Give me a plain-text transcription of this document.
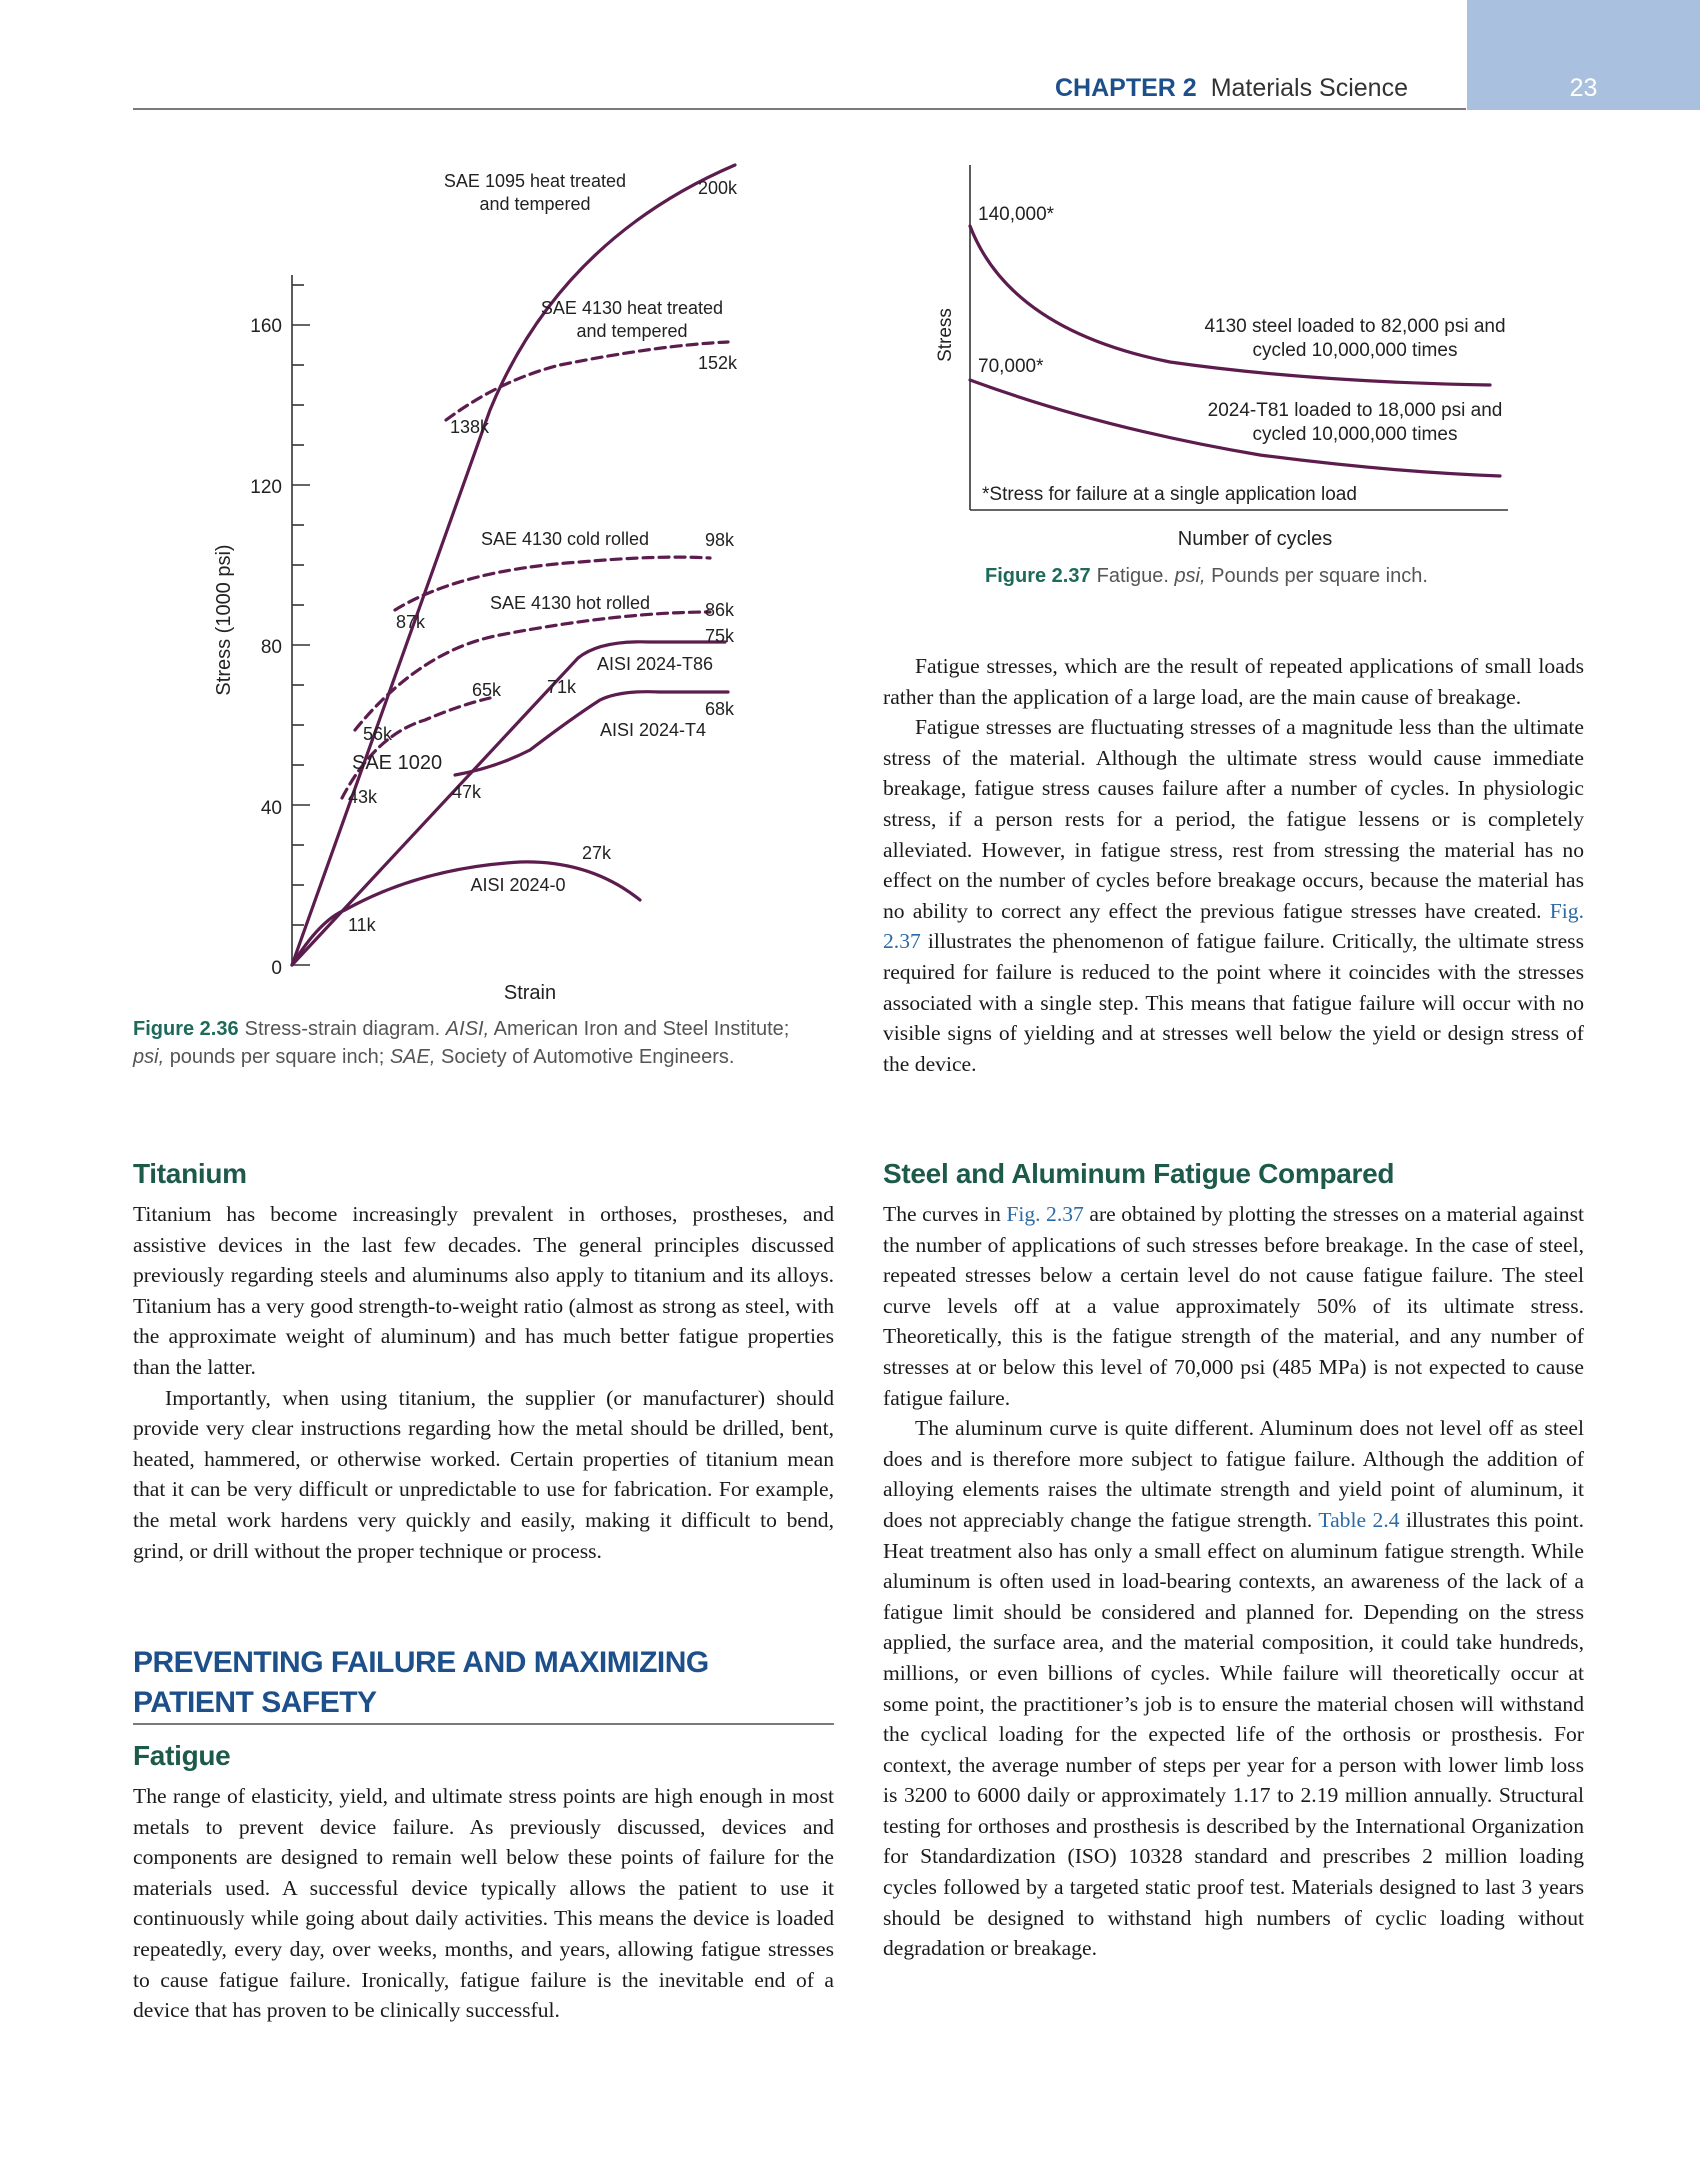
CHAPTER 2 Materials Science	23
160
120
80
40
0
Stress (1000 psi)
Strain
SAE 1095 heat treated
and tempered
200k
SAE 4130 heat treated
and tempered
152k
138k
SAE 4130 cold rolled	98k
SAE 4130 hot rolled
87k
86k
75k
AISI 2024-T86
71k
65k
68k
AISI 2024-T4
56k
SAE 1020
43k	47k
27k
AISI 2024-0
11k
Figure 2.36 Stress-strain diagram. AISI, American Iron and Steel Institute;
psi, pounds per square inch; SAE, Society of Automotive Engineers.
Stress
Number of cycles
140,000*
70,000*
4130 steel loaded to 82,000 psi and
cycled 10,000,000 times
2024-T81 loaded to 18,000 psi and
cycled 10,000,000 times
*Stress for failure at a single application load
Figure 2.37 Fatigue. psi, Pounds per square inch.
Titanium

Titanium has become increasingly prevalent in orthoses, prostheses, and assistive devices in the last few decades. The general principles discussed previously regarding steels and aluminums also apply to titanium and its alloys. Titanium has a very good strength-to-weight ratio (almost as strong as steel, with the approximate weight of aluminum) and has much better fatigue properties than the latter.

Importantly, when using titanium, the supplier (or manufacturer) should provide very clear instructions regarding how the metal should be drilled, bent, heated, hammered, or otherwise worked. Certain properties of titanium mean that it can be very difficult or unpredictable to use for fabrication. For example, the metal work hardens very quickly and easily, making it difficult to bend, grind, or drill without the proper technique or process.

PREVENTING FAILURE AND MAXIMIZING
PATIENT SAFETY
Fatigue

The range of elasticity, yield, and ultimate stress points are high enough in most metals to prevent device failure. As previously discussed, devices and components are designed to remain well below these points of failure for the materials used. A successful device typically allows the patient to use it continuously while going about daily activities. This means the device is loaded repeatedly, every day, over weeks, months, and years, allowing fatigue stresses to cause fatigue failure. Ironically, fatigue failure is the inevitable end of a device that has proven to be clinically successful.

Fatigue stresses, which are the result of repeated applications of small loads rather than the application of a large load, are the main cause of breakage.

Fatigue stresses are fluctuating stresses of a magnitude less than the ultimate stress of the material. Although the ultimate stress would cause immediate breakage, fatigue stress causes failure after a number of cycles. In physiologic stress, if a person rests for a period, the fatigue lessens or is completely alleviated. However, in fatigue stress, rest from stressing the material has no effect on the number of cycles before breakage occurs, because the material has no ability to correct any effect the previous fatigue stresses have created. Fig. 2.37 illustrates the phenomenon of fatigue failure. Critically, the ultimate stress required for failure is reduced to the point where it coincides with the stresses associated with a single step. This means that fatigue failure will occur with no visible signs of yielding and at stresses well below the yield or design stress of the device.

Steel and Aluminum Fatigue Compared

The curves in Fig. 2.37 are obtained by plotting the stresses on a material against the number of applications of such stresses before breakage. In the case of steel, repeated stresses below a certain level do not cause fatigue failure. The steel curve levels off at a value approximately 50% of its ultimate stress. Theoretically, this is the fatigue strength of the material, and any number of stresses at or below this level of 70,000 psi (485 MPa) is not expected to cause fatigue failure.

The aluminum curve is quite different. Aluminum does not level off as steel does and is therefore more subject to fatigue failure. Although the addition of alloying elements raises the ultimate strength and yield point of aluminum, it does not appreciably change the fatigue strength. Table 2.4 illustrates this point. Heat treatment also has only a small effect on aluminum fatigue strength. While aluminum is often used in load-bearing contexts, an awareness of the lack of a fatigue limit should be considered and planned for. Depending on the stress applied, the surface area, and the material composition, it could take hundreds, millions, or even billions of cycles. While failure will theoretically occur at some point, the practitioner’s job is to ensure the material chosen will withstand the cyclical loading for the expected life of the orthosis or prosthesis. For context, the average number of steps per year for a person with lower limb loss is 3200 to 6000 daily or approximately 1.17 to 2.19 million annually. Structural testing for orthoses and prosthesis is described by the International Organization for Standardization (ISO) 10328 standard and prescribes 2 million loading cycles followed by a targeted static proof test. Materials designed to last 3 years should be designed to withstand high numbers of cyclic loading without degradation or breakage.
